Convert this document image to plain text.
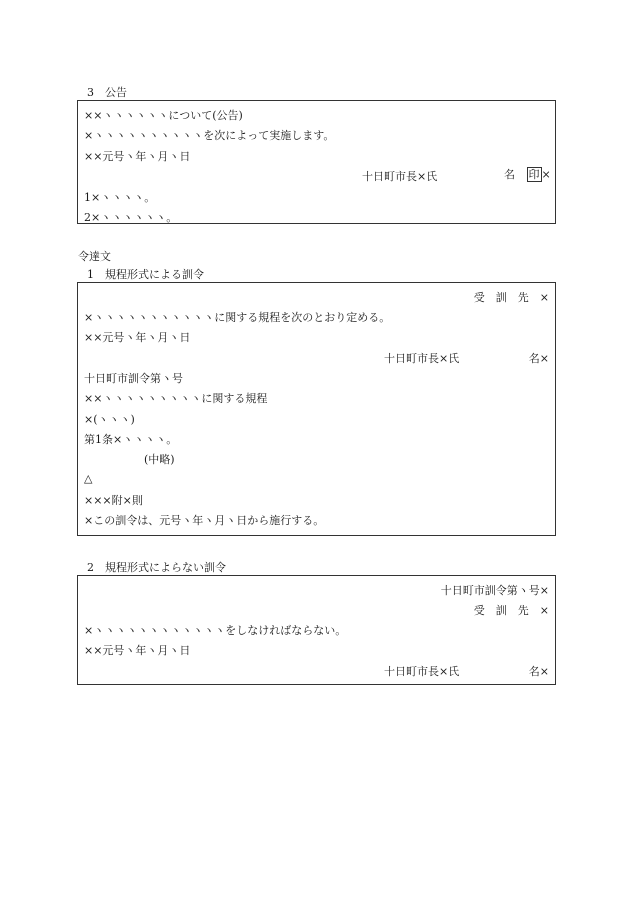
3　公告
××ヽヽヽヽヽヽについて(公告)
×ヽヽヽヽヽヽヽヽヽヽを次によって実施します。
××元号ヽ年ヽ月ヽ日
十日町市長×氏	名 印 ×
1×ヽヽヽヽ。
2×ヽヽヽヽヽヽ。
令達文
1　規程形式による訓令
受　訓　先　×
×ヽヽヽヽヽヽヽヽヽヽヽに関する規程を次のとおり定める。
××元号ヽ年ヽ月ヽ日
十日町市長×氏	名×
十日町市訓令第ヽ号
××ヽヽヽヽヽヽヽヽヽに関する規程
×(ヽヽヽ)
第1条×ヽヽヽヽ。
(中略)
△
×××附×則
×この訓令は、元号ヽ年ヽ月ヽ日から施行する。
2　規程形式によらない訓令
十日町市訓令第ヽ号×
受　訓　先　×
×ヽヽヽヽヽヽヽヽヽヽヽヽをしなければならない。
××元号ヽ年ヽ月ヽ日
十日町市長×氏	名×
